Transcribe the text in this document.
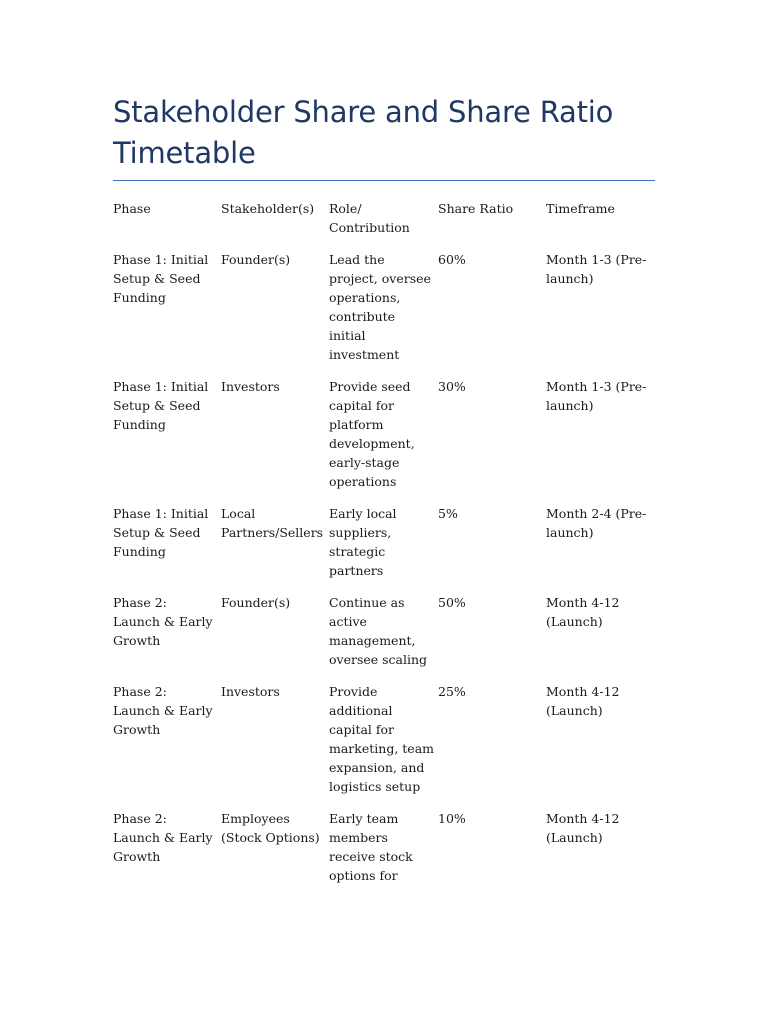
Stakeholder Share and Share Ratio Timetable
Phase	Stakeholder(s)	Role/ Contribution	Share Ratio	Timeframe
Phase 1: Initial Setup & Seed Funding	Founder(s)	Lead the project, oversee operations, contribute initial investment	60%	Month 1-3 (Pre-launch)
Phase 1: Initial Setup & Seed Funding	Investors	Provide seed capital for platform development, early-stage operations	30%	Month 1-3 (Pre-launch)
Phase 1: Initial Setup & Seed Funding	Local Partners/Sellers	Early local suppliers, strategic partners	5%	Month 2-4 (Pre-launch)
Phase 2: Launch & Early Growth	Founder(s)	Continue as active management, oversee scaling	50%	Month 4-12 (Launch)
Phase 2: Launch & Early Growth	Investors	Provide additional capital for marketing, team expansion, and logistics setup	25%	Month 4-12 (Launch)
Phase 2: Launch & Early Growth	Employees (Stock Options)	Early team members receive stock options for	10%	Month 4-12 (Launch)
